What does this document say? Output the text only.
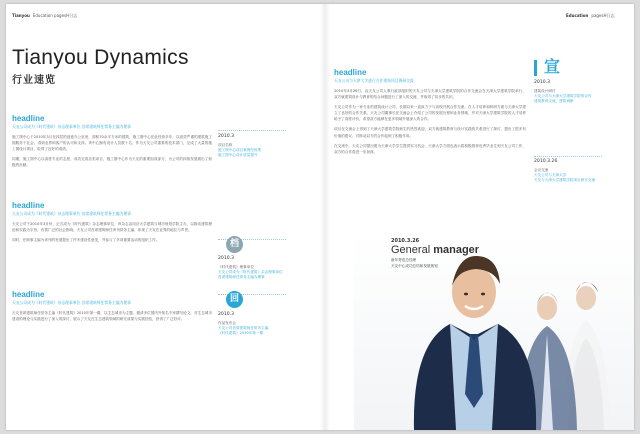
Tianyou Education pagesH日志
Tianyou Dynamics
行业速览
headline
天友公司成为《时代建筑》杂志理事单位 首席建筑师任常务主编为理事
施工图中心于2010年3月在四层的创意办公室里，面积70余平方米的建筑，施工图中心在此经营多年，以高效严谨的建筑施工图服务于社会，得到业界和客户的认可和支持。该中心拥有设计人员数十名，作为天友公司重要的技术部门，完成了大量的施工图设计项目，取得了良好的成绩。
同期，施工图中心以高度专业的态度，成功完成各类项目，施工图中心作为天友的重要组成部分，为公司的持续发展做出了积极的贡献。
headline
天友公司成为《时代建筑》杂志理事单位 首席建筑师任常务主编为理事
天友公司于2010年3月份，正式成为《时代建筑》杂志理事单位，该杂志由同济大学建筑与城市规划学院主办，以推动建筑理论和实践为宗旨，有着广泛的社会影响。天友公司首席建筑师任该刊常务主编，体现了天友在业界的地位与声誉。
同时，任职事主编为该刊的发展提出了许多建设性意见，并参与了多项重要活动的组织工作。
headline
天友公司成为《时代建筑》杂志理事单位 首席建筑师任常务主编为理事
天友首席建筑师任常务主编《时代建筑》2010年第一期，以生态城市为主题，邀请多位国内外知名专家撰写论文，对生态城市建设的理论与实践进行了深入的探讨，展示了天友在生态建筑领域的研究成果与实践经验，获得了广泛好评。
2010.3
项目名称
施工图中心项目案例经验集
施工图中心设计质量提升
档
2010.3
《时代建筑》理事单位
天友公司成为《时代建筑》杂志理事单位
首席建筑师任常务主编为理事
回
2010.3
作品发布会
天友公司首席建筑师任常务主编
《时代建筑》2010年第一期
Education pagesH日志
headline
天友公司与天津大学进行合作建筑项目调研交流
2010年3月26日，由天友公司人事行政部组织的天友公司与天津大学建筑学院的合作交流会在天津大学建筑学院举行，双方就建筑设计与教育的结合问题进行了深入的交流，并取得了初步的共识。
天友公司作为一家专业的建筑设计公司，长期以来一直致力于与高校开展合作交流，在人才培养和科研方面与天津大学建立了良好的合作关系。天友公司董事长在交流会上介绍了公司的发展历程和业务领域，并对天津大学建筑学院的人才培养给予了高度评价，希望双方能够在更多领域开展深入的合作。
项目在交流会上得到了天津大学建筑学院师生的热烈欢迎，双方就建筑教育与设计实践的关系进行了探讨，提出了很多有价值的建议，对推动双方的合作起到了积极作用。
在交流中，天友公司提出愿为天津大学学生提供实习机会，天津大学方面也表示将积极推荐优秀毕业生到天友公司工作，双方的合作将进一步加深。
宣
2010.3
建筑设计研讨
天友公司与天津大学建筑学院的合作
建筑教育交流、建筑调研
2010.3.26
会议交流
天友公司与天津大学
天友与天津大学建筑学院项目研讨交流
2010.3.26
General manager
新年寄语总经理
天友中心成功总结和发展规划
